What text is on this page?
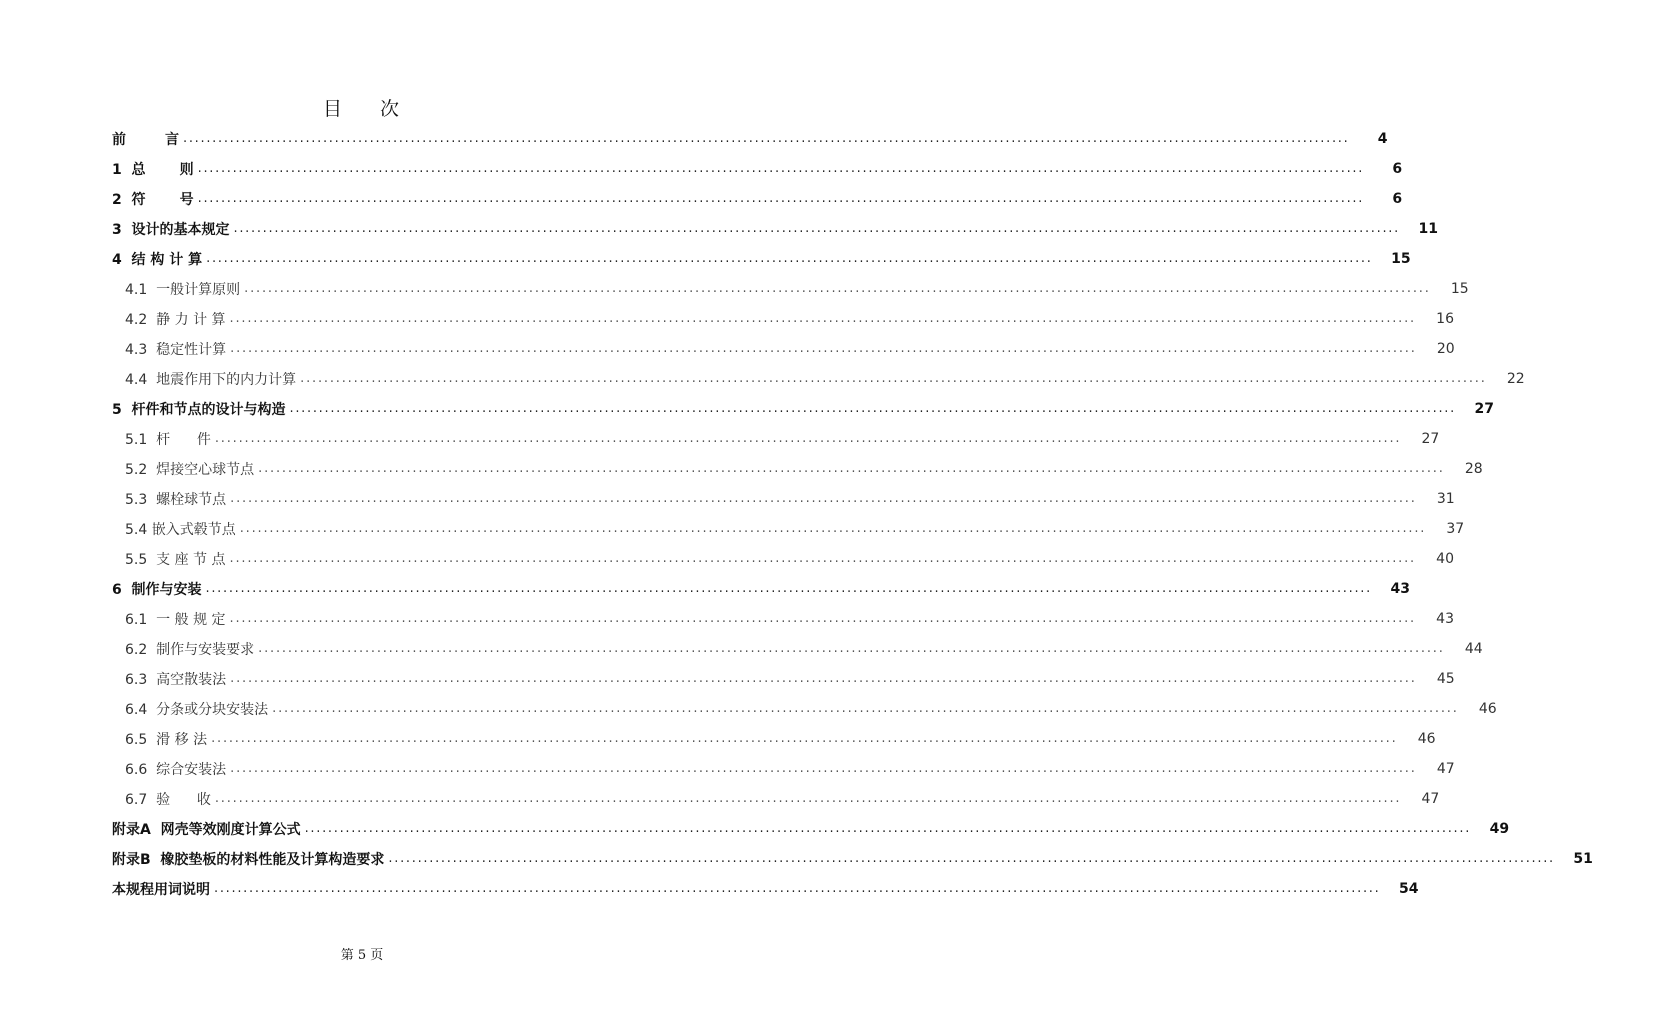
目 次
前        言 ........................................................................................................................................................................................................	4
1  总       则 ........................................................................................................................................................................................................	6
2  符       号 ........................................................................................................................................................................................................	6
3  设计的基本规定 ........................................................................................................................................................................................................	11
4  结 构 计 算 ........................................................................................................................................................................................................	15
4.1  一般计算原则 ........................................................................................................................................................................................................	15
4.2  静 力 计 算 ........................................................................................................................................................................................................	16
4.3  稳定性计算 ........................................................................................................................................................................................................	20
4.4  地震作用下的内力计算 ........................................................................................................................................................................................................	22
5  杆件和节点的设计与构造 ........................................................................................................................................................................................................	27
5.1  杆      件 ........................................................................................................................................................................................................	27
5.2  焊接空心球节点 ........................................................................................................................................................................................................	28
5.3  螺栓球节点 ........................................................................................................................................................................................................	31
5.4 嵌入式毂节点 ........................................................................................................................................................................................................	37
5.5  支 座 节 点 ........................................................................................................................................................................................................	40
6  制作与安装 ........................................................................................................................................................................................................	43
6.1  一 般 规 定 ........................................................................................................................................................................................................	43
6.2  制作与安装要求 ........................................................................................................................................................................................................	44
6.3  高空散装法 ........................................................................................................................................................................................................	45
6.4  分条或分块安装法 ........................................................................................................................................................................................................	46
6.5  滑 移 法 ........................................................................................................................................................................................................	46
6.6  综合安装法 ........................................................................................................................................................................................................	47
6.7  验      收 ........................................................................................................................................................................................................	47
附录A  网壳等效刚度计算公式 ........................................................................................................................................................................................................	49
附录B  橡胶垫板的材料性能及计算构造要求 ........................................................................................................................................................................................................	51
本规程用词说明 ........................................................................................................................................................................................................	54
第 5 页
